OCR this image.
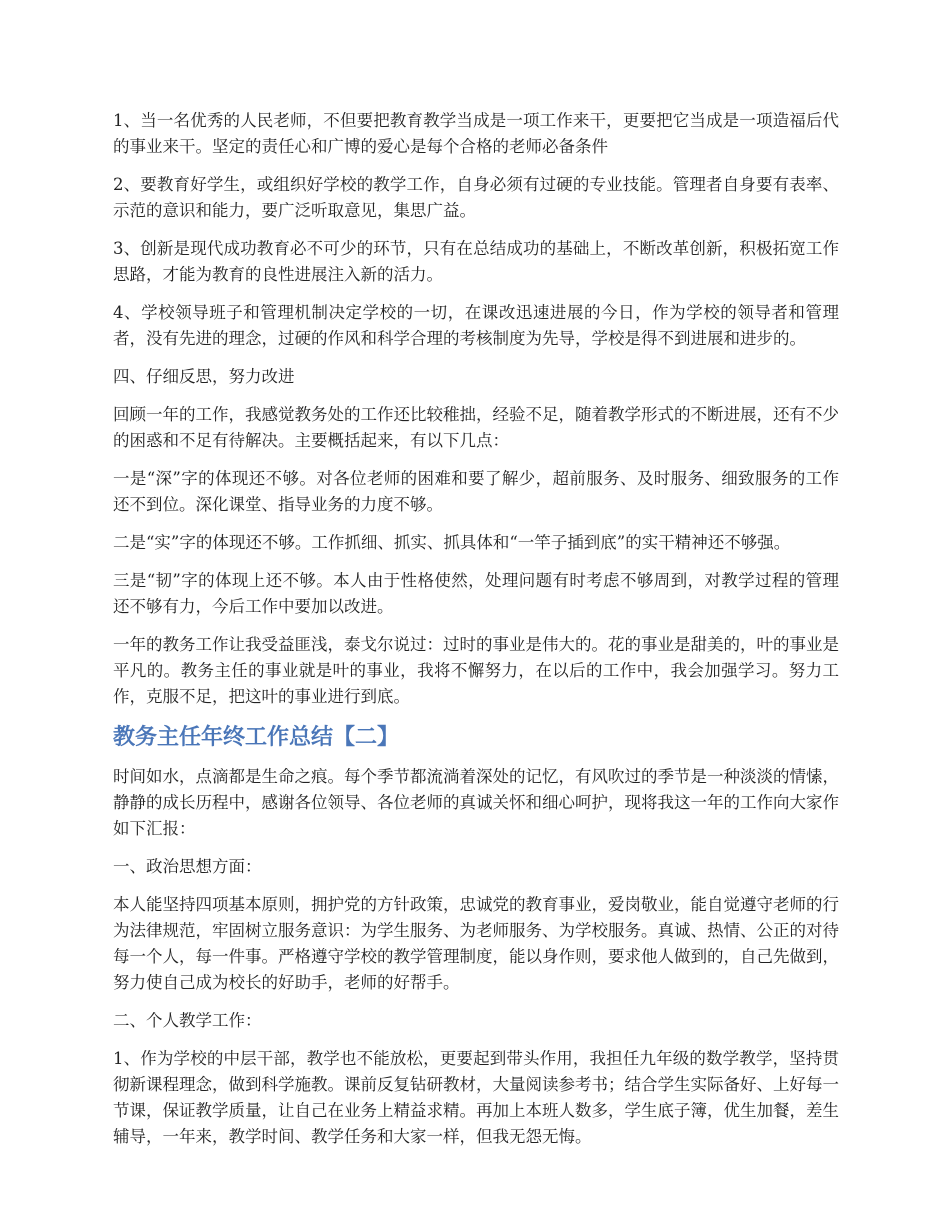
1、当一名优秀的人民老师，不但要把教育教学当成是一项工作来干，更要把它当成是一项造福后代的事业来干。坚定的责任心和广博的爱心是每个合格的老师必备条件

2、要教育好学生，或组织好学校的教学工作，自身必须有过硬的专业技能。管理者自身要有表率、示范的意识和能力，要广泛听取意见，集思广益。

3、创新是现代成功教育必不可少的环节，只有在总结成功的基础上，不断改革创新，积极拓宽工作思路，才能为教育的良性进展注入新的活力。

4、学校领导班子和管理机制决定学校的一切，在课改迅速进展的今日，作为学校的领导者和管理者，没有先进的理念，过硬的作风和科学合理的考核制度为先导，学校是得不到进展和进步的。

四、仔细反思，努力改进

回顾一年的工作，我感觉教务处的工作还比较稚拙，经验不足，随着教学形式的不断进展，还有不少的困惑和不足有待解决。主要概括起来，有以下几点：

一是“深”字的体现还不够。对各位老师的困难和要了解少，超前服务、及时服务、细致服务的工作还不到位。深化课堂、指导业务的力度不够。

二是“实”字的体现还不够。工作抓细、抓实、抓具体和“一竿子插到底”的实干精神还不够强。

三是“韧”字的体现上还不够。本人由于性格使然，处理问题有时考虑不够周到，对教学过程的管理还不够有力，今后工作中要加以改进。

一年的教务工作让我受益匪浅，泰戈尔说过：过时的事业是伟大的。花的事业是甜美的，叶的事业是平凡的。教务主任的事业就是叶的事业，我将不懈努力，在以后的工作中，我会加强学习。努力工作，克服不足，把这叶的事业进行到底。

教务主任年终工作总结【二】

时间如水，点滴都是生命之痕。每个季节都流淌着深处的记忆，有风吹过的季节是一种淡淡的情愫，静静的成长历程中，感谢各位领导、各位老师的真诚关怀和细心呵护，现将我这一年的工作向大家作如下汇报：

一、政治思想方面：

本人能坚持四项基本原则，拥护党的方针政策，忠诚党的教育事业，爱岗敬业，能自觉遵守老师的行为法律规范，牢固树立服务意识：为学生服务、为老师服务、为学校服务。真诚、热情、公正的对待每一个人，每一件事。严格遵守学校的教学管理制度，能以身作则，要求他人做到的，自己先做到，努力使自己成为校长的好助手，老师的好帮手。

二、个人教学工作：

1、作为学校的中层干部，教学也不能放松，更要起到带头作用，我担任九年级的数学教学，坚持贯彻新课程理念，做到科学施教。课前反复钻研教材，大量阅读参考书；结合学生实际备好、上好每一节课，保证教学质量，让自己在业务上精益求精。再加上本班人数多，学生底子簿，优生加餐，差生辅导，一年来，教学时间、教学任务和大家一样，但我无怨无悔。
